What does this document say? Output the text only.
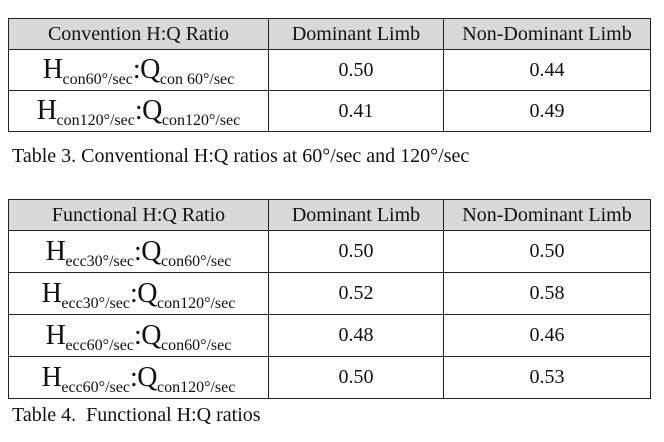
Convention H:Q Ratio	Dominant Limb	Non-Dominant Limb
$H_{con60^\circ/sec}:Q_{con 60^\circ/sec}$	0.50	0.44
$H_{con120^\circ/sec}:Q_{con120^\circ/sec}$	0.41	0.49
Table 3. Conventional H:Q ratios at 60°/sec and 120°/sec
Functional H:Q Ratio	Dominant Limb	Non-Dominant Limb
$H_{ecc30^\circ/sec}:Q_{con60^\circ/sec}$	0.50	0.50
$H_{ecc30^\circ/sec}:Q_{con120^\circ/sec}$	0.52	0.58
$H_{ecc60^\circ/sec}:Q_{con60^\circ/sec}$	0.48	0.46
$H_{ecc60^\circ/sec}:Q_{con120^\circ/sec}$	0.50	0.53
Table 4.  Functional H:Q ratios
